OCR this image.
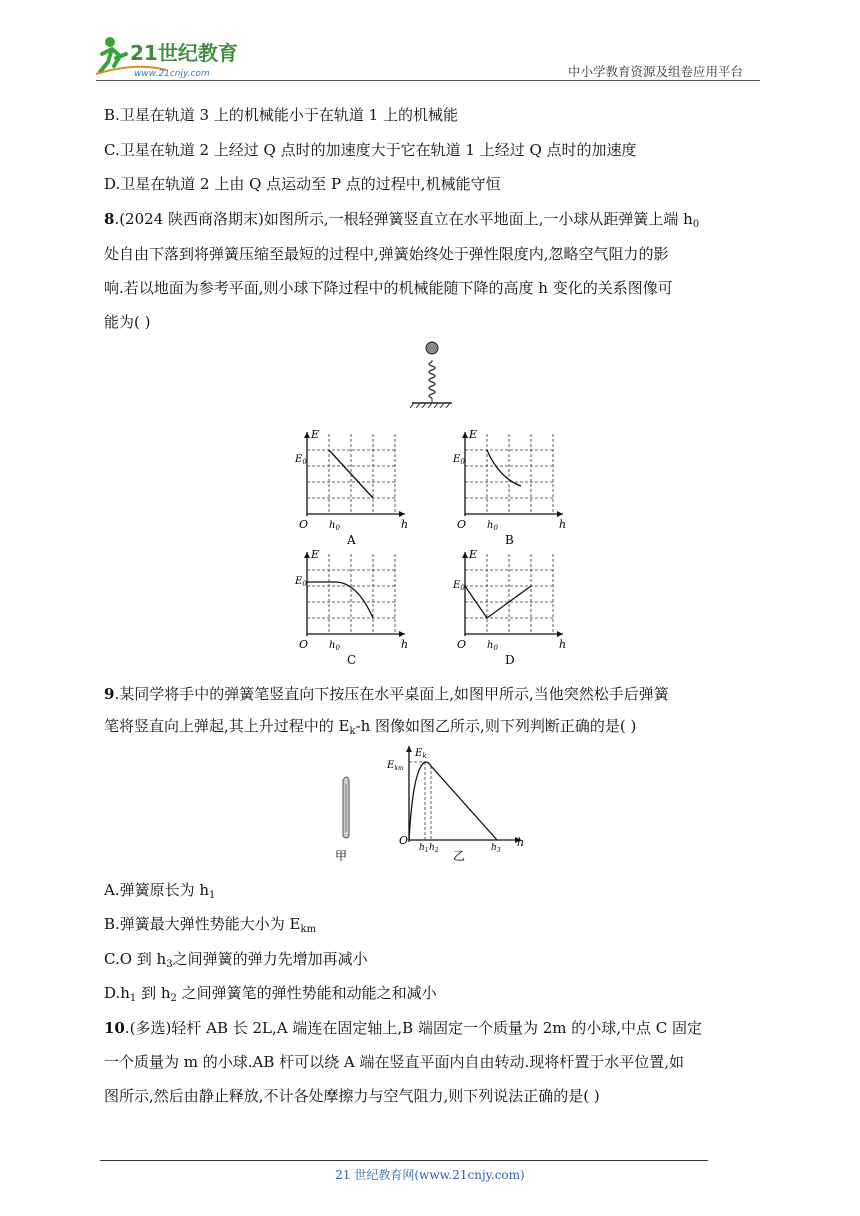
21世纪教育
www.21cnjy.com	中小学教育资源及组卷应用平台
B.卫星在轨道 3 上的机械能小于在轨道 1 上的机械能
C.卫星在轨道 2 上经过 Q 点时的加速度大于它在轨道 1 上经过 Q 点时的加速度
D.卫星在轨道 2 上由 Q 点运动至 P 点的过程中,机械能守恒
8.(2024 陕西商洛期末)如图所示,一根轻弹簧竖直立在水平地面上,一小球从距弹簧上端 $h_0$
处自由下落到将弹簧压缩至最短的过程中,弹簧始终处于弹性限度内,忽略空气阻力的影
响.若以地面为参考平面,则小球下降过程中的机械能随下降的高度 h 变化的关系图像可
能为( )
E
$E_0$
O	h
$h_0$
A
E
$E_0$
O	h
$h_0$
B
E
$E_0$
O	h
$h_0$
C
E
$E_0$
O	h
$h_0$
D
9.某同学将手中的弹簧笔竖直向下按压在水平桌面上,如图甲所示,当他突然松手后弹簧
笔将竖直向上弹起,其上升过程中的 $E_k-h$ 图像如图乙所示,则下列判断正确的是( )
甲
$E_k$
$E_{km}$
O	h
$h_1$ $h_2$	$h_3$
乙
A.弹簧原长为 $h_1$
B.弹簧最大弹性势能大小为 $E_{km}$
C.O 到 $h_3$之间弹簧的弹力先增加再减小
$D.h_1$ 到 $h_2$ 之间弹簧笔的弹性势能和动能之和减小
10.(多选)轻杆 AB 长 2L,A 端连在固定轴上,B 端固定一个质量为 2m 的小球,中点 C 固定
一个质量为 m 的小球.AB 杆可以绕 A 端在竖直平面内自由转动.现将杆置于水平位置,如
图所示,然后由静止释放,不计各处摩擦力与空气阻力,则下列说法正确的是( )
21 世纪教育网(www.21cnjy.com)
